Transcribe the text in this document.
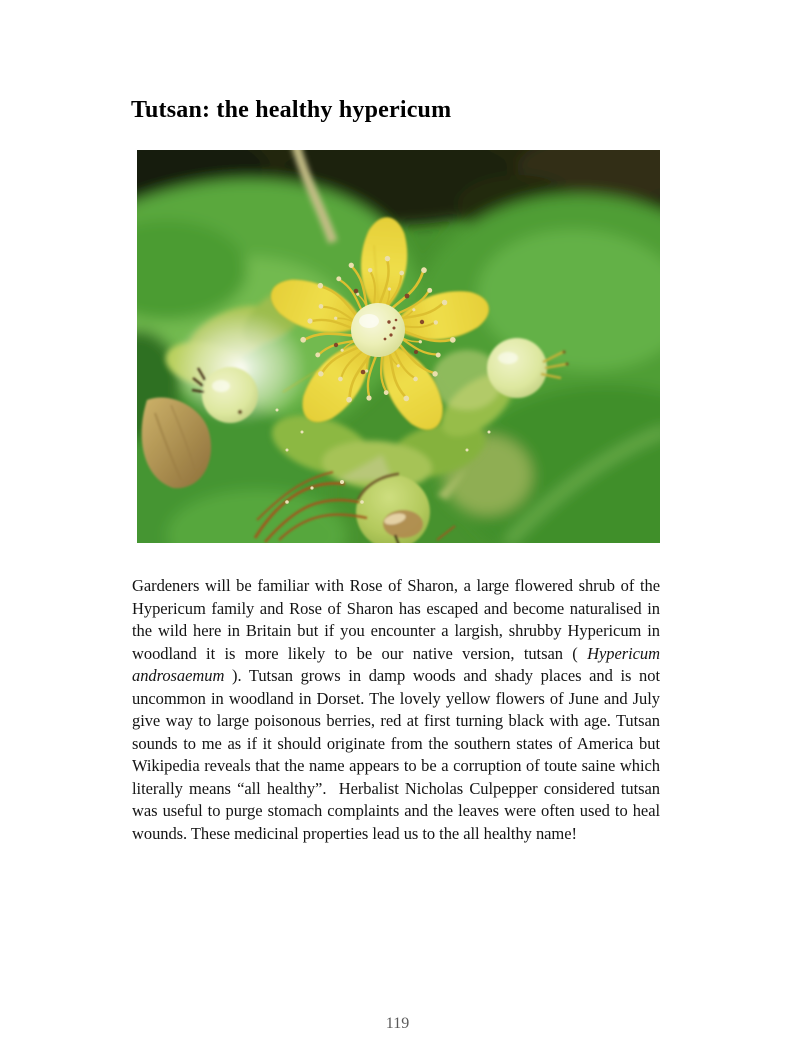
Tutsan: the healthy hypericum

Gardeners will be familiar with Rose of Sharon, a large flowered shrub of the Hypericum family and Rose of Sharon has escaped and become naturalised in the wild here in Britain but if you encounter a largish, shrubby Hypericum in woodland it is more likely to be our native version, tutsan ( Hypericum androsaemum ). Tutsan grows in damp woods and shady places and is not uncommon in woodland in Dorset. The lovely yellow flowers of June and July give way to large poisonous berries, red at first turning black with age. Tutsan sounds to me as if it should originate from the southern states of America but Wikipedia reveals that the name appears to be a corruption of toute saine which literally means “all healthy”.  Herbalist Nicholas Culpepper considered tutsan was useful to purge stomach complaints and the leaves were often used to heal wounds. These medicinal properties lead us to the all healthy name!

119
